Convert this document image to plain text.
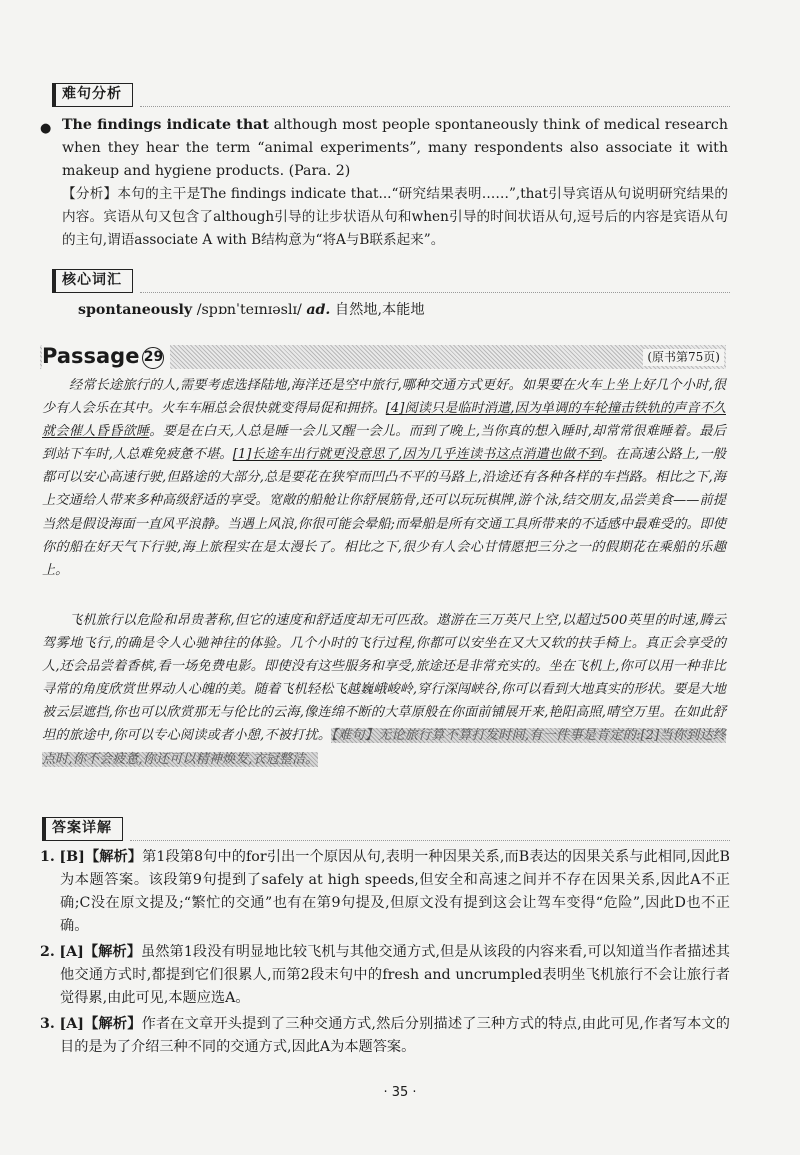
难句分析
● The findings indicate that although most people spontaneously think of medical research when they hear the term “animal experiments”, many respondents also associate it with makeup and hygiene products. (Para. 2)
【分析】本句的主干是The findings indicate that...“研究结果表明……”,that引导宾语从句说明研究结果的内容。宾语从句又包含了although引导的让步状语从句和when引导的时间状语从句,逗号后的内容是宾语从句的主句,谓语associate A with B结构意为“将A与B联系起来”。
核心词汇
spontaneously /spɒnˈteɪnɪəslɪ/ ad. 自然地,本能地
Passage 29	(原书第75页)
经常长途旅行的人,需要考虑选择陆地,海洋还是空中旅行,哪种交通方式更好。如果要在火车上坐上好几个小时,很少有人会乐在其中。火车车厢总会很快就变得局促和拥挤。[4]阅读只是临时消遣,因为单调的车轮撞击铁轨的声音不久就会催人昏昏欲睡。要是在白天,人总是睡一会儿又醒一会儿。而到了晚上,当你真的想入睡时,却常常很难睡着。最后到站下车时,人总难免疲惫不堪。[1]长途车出行就更没意思了,因为几乎连读书这点消遣也做不到。在高速公路上,一般都可以安心高速行驶,但路途的大部分,总是要花在狭窄而凹凸不平的马路上,沿途还有各种各样的车挡路。相比之下,海上交通给人带来多种高级舒适的享受。宽敞的船舱让你舒展筋骨,还可以玩玩棋牌,游个泳,结交朋友,品尝美食——前提当然是假设海面一直风平浪静。当遇上风浪,你很可能会晕船;而晕船是所有交通工具所带来的不适感中最难受的。即使你的船在好天气下行驶,海上旅程实在是太漫长了。相比之下,很少有人会心甘情愿把三分之一的假期花在乘船的乐趣上。
飞机旅行以危险和昂贵著称,但它的速度和舒适度却无可匹敌。遨游在三万英尺上空,以超过500英里的时速,腾云驾雾地飞行,的确是令人心驰神往的体验。几个小时的飞行过程,你都可以安坐在又大又软的扶手椅上。真正会享受的人,还会品尝着香槟,看一场免费电影。即使没有这些服务和享受,旅途还是非常充实的。坐在飞机上,你可以用一种非比寻常的角度欣赏世界动人心魄的美。随着飞机轻松飞越巍峨峻岭,穿行深闯峡谷,你可以看到大地真实的形状。要是大地被云层遮挡,你也可以欣赏那无与伦比的云海,像连绵不断的大草原般在你面前铺展开来,艳阳高照,晴空万里。在如此舒坦的旅途中,你可以专心阅读或者小憩,不被打扰。【难句】无论旅行算不算打发时间,有一件事是肯定的:[2]当你到达终点时,你不会疲惫,你还可以精神焕发,衣冠整洁。
答案详解
1. [B]【解析】第1段第8句中的for引出一个原因从句,表明一种因果关系,而B表达的因果关系与此相同,因此B为本题答案。该段第9句提到了safely at high speeds,但安全和高速之间并不存在因果关系,因此A不正确;C没在原文提及;“繁忙的交通”也有在第9句提及,但原文没有提到这会让驾车变得“危险”,因此D也不正确。
2. [A]【解析】虽然第1段没有明显地比较飞机与其他交通方式,但是从该段的内容来看,可以知道当作者描述其他交通方式时,都提到它们很累人,而第2段末句中的fresh and uncrumpled表明坐飞机旅行不会让旅行者觉得累,由此可见,本题应选A。
3. [A]【解析】作者在文章开头提到了三种交通方式,然后分别描述了三种方式的特点,由此可见,作者写本文的目的是为了介绍三种不同的交通方式,因此A为本题答案。
· 35 ·
